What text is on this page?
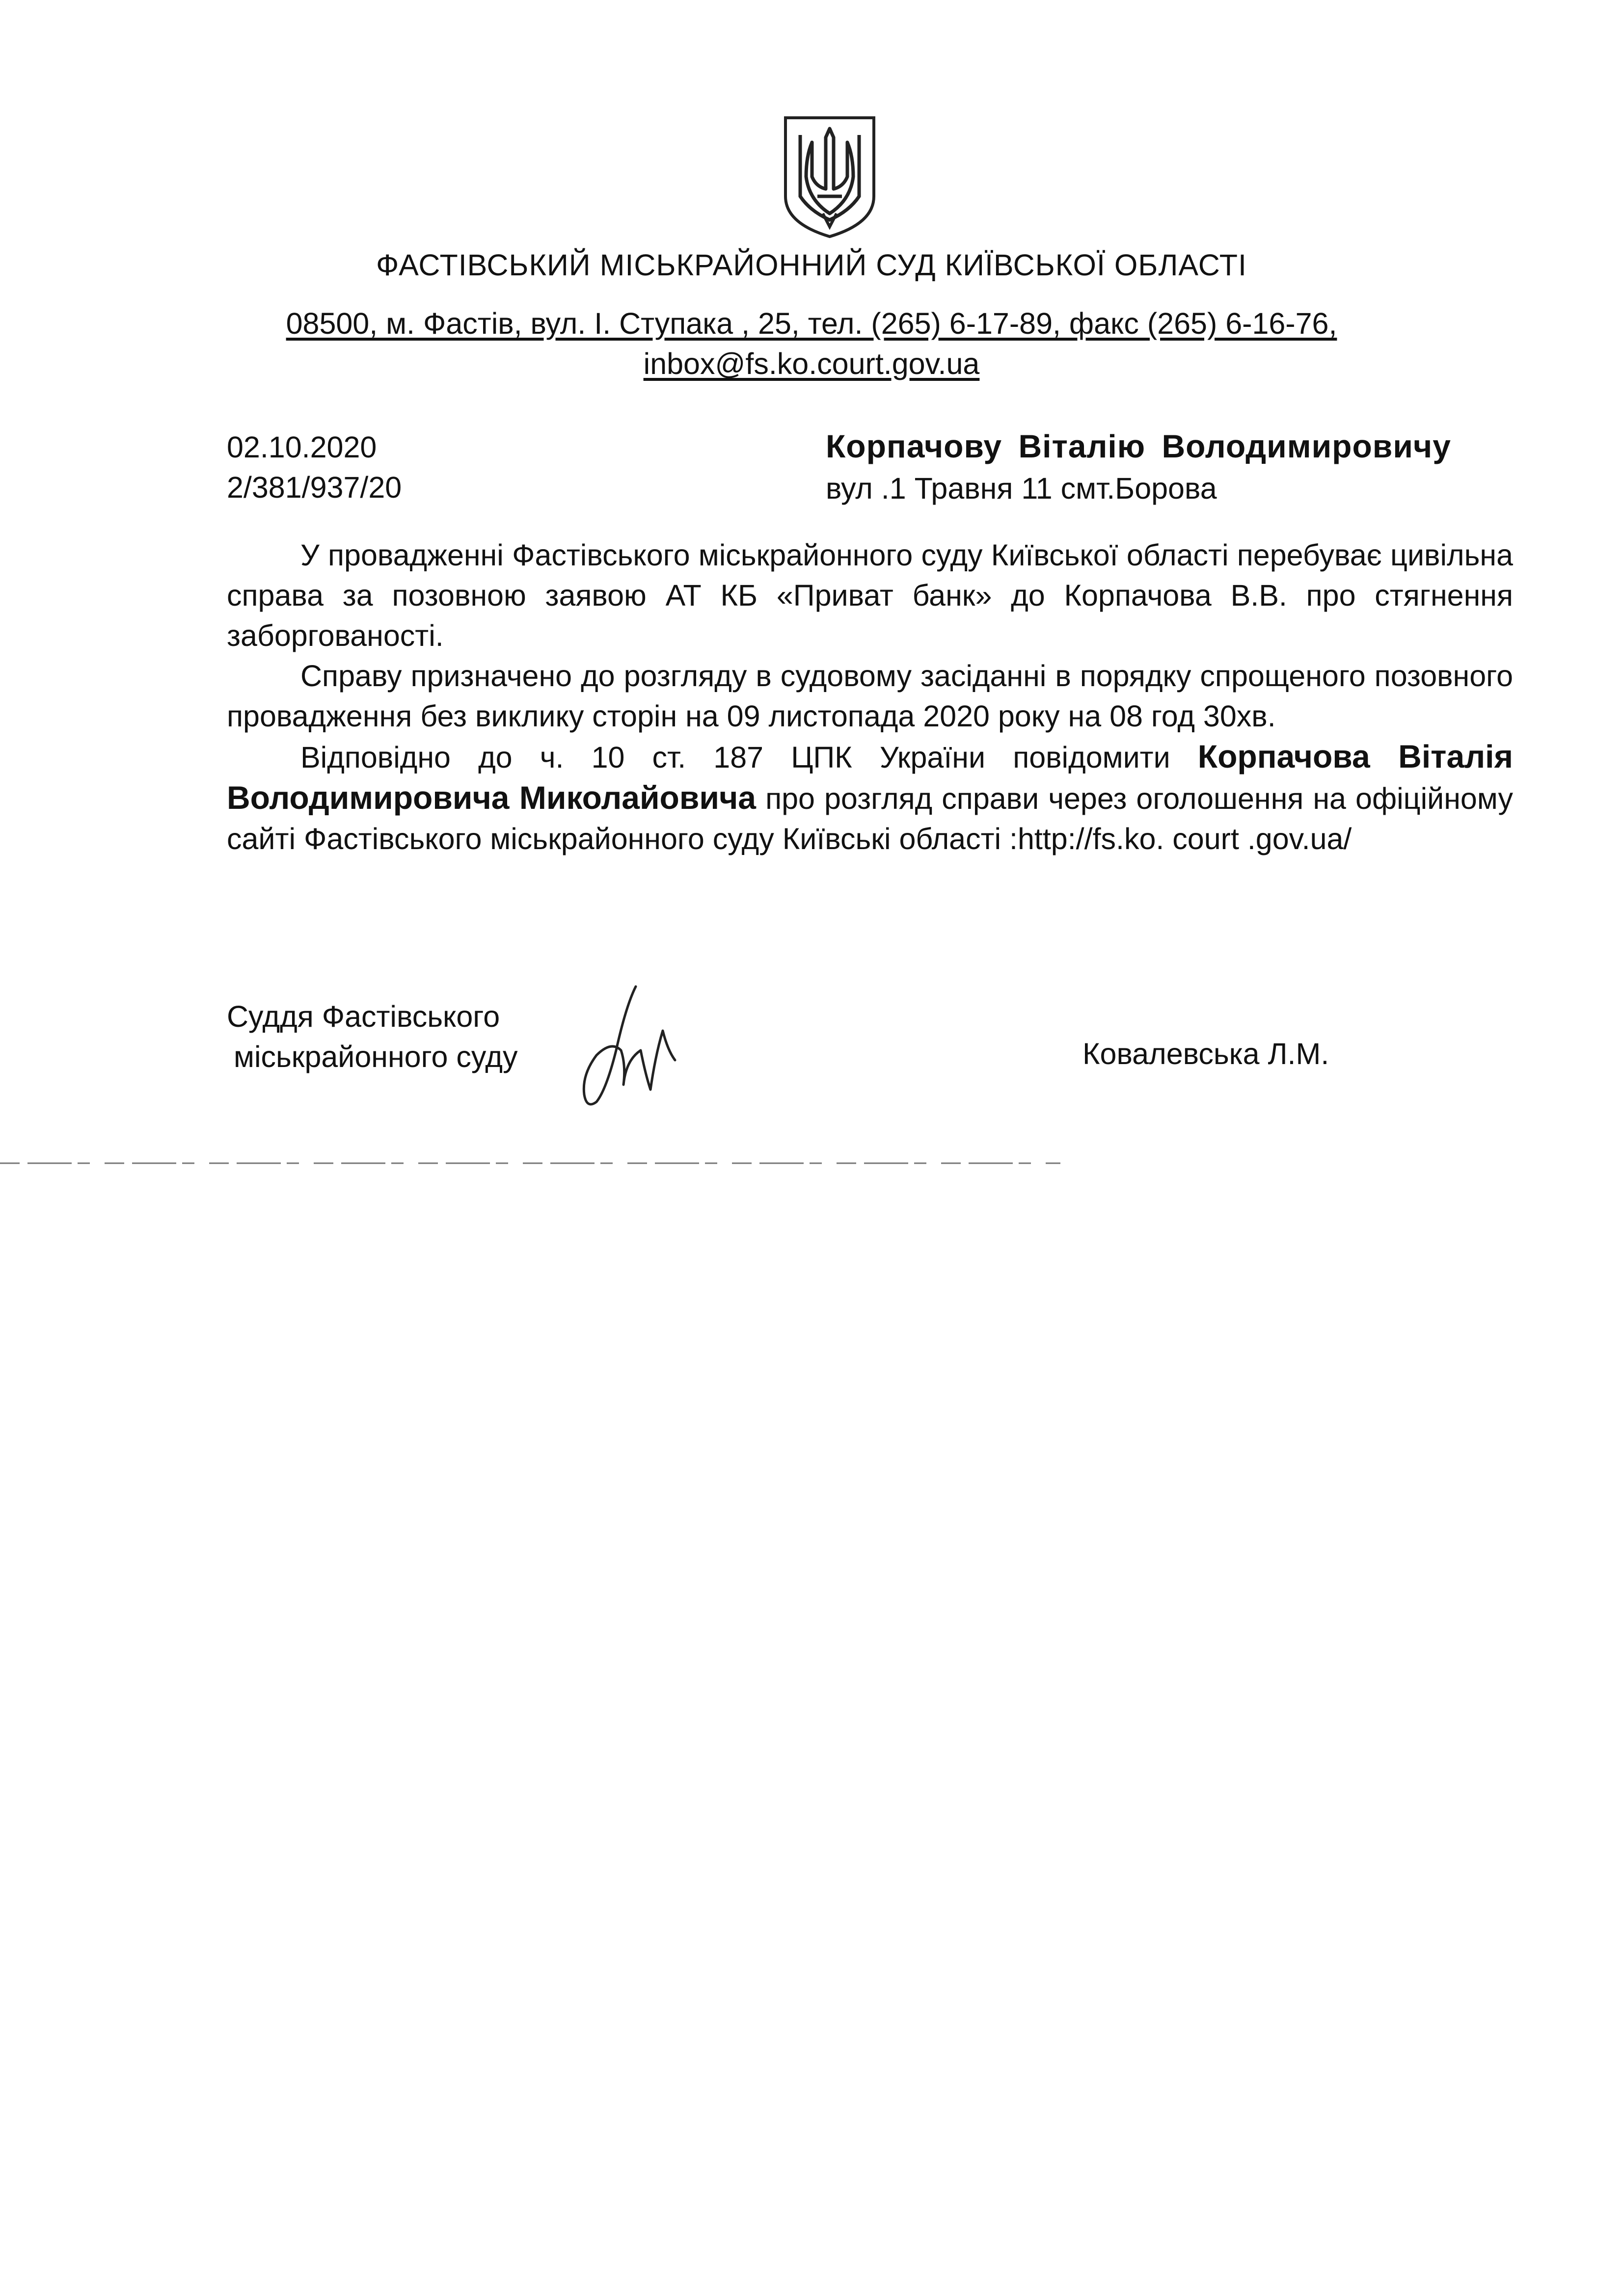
ФАСТІВСЬКИЙ МІСЬКРАЙОННИЙ СУД КИЇВСЬКОЇ ОБЛАСТІ
08500, м. Фастів, вул. І. Ступака , 25, тел. (265) 6-17-89, факс (265) 6-16-76,
inbox@fs.ko.court.gov.ua
02.10.2020
2/381/937/20
Корпачову Віталію Володимировичу
вул .1 Травня 11 смт.Борова

У провадженні Фастівського міськрайонного суду Київської області перебуває цивільна справа за позовною заявою АТ КБ «Приват банк» до Корпачова В.В. про стягнення заборгованості.

Справу призначено до розгляду в судовому засіданні в порядку спрощеного позовного провадження без виклику сторін на 09 листопада 2020 року на 08 год 30хв.

Відповідно до ч. 10 ст. 187 ЦПК України повідомити Корпачова Віталія Володимировича Миколайовича про розгляд справи через оголошення на офіційному сайті Фастівського міськрайонного суду Київські області :http://fs.ko. court .gov.ua/

Суддя Фастівського
міськрайонного суду	Ковалевська Л.М.
